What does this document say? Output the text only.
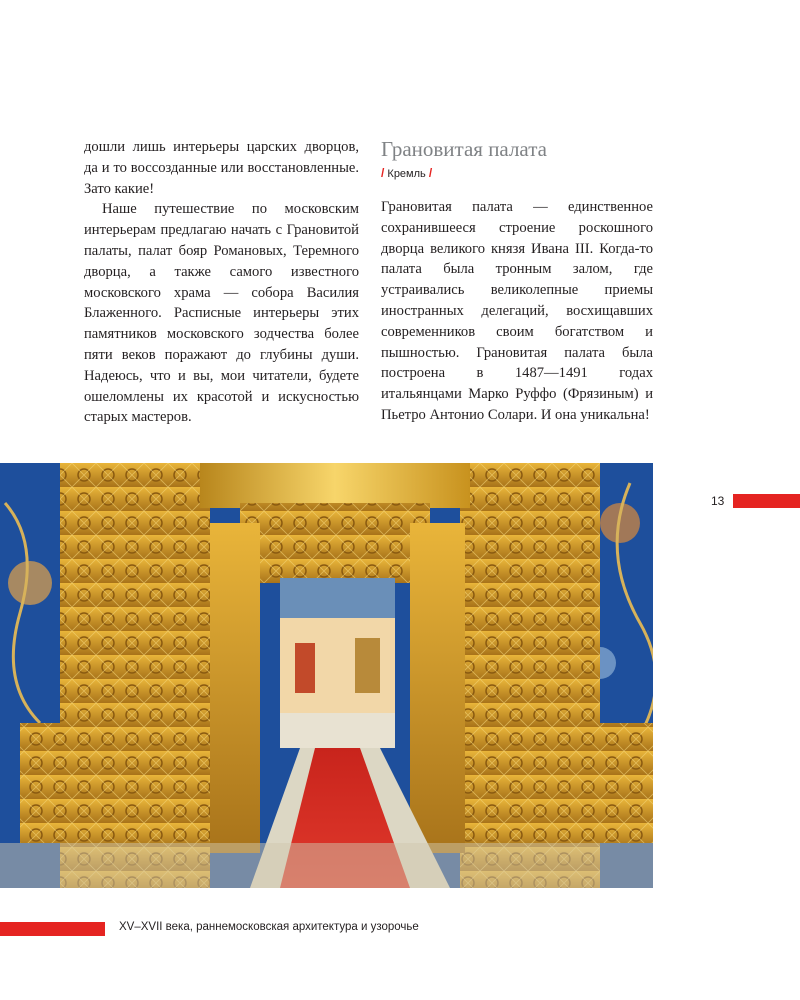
дошли лишь интерьеры царских дворцов, да и то воссозданные или восстановленные. Зато какие!

Наше путешествие по московским интерьерам предлагаю начать с Грановитой палаты, палат бояр Романовых, Теремного дворца, а также самого известного московского храма — собора Василия Блаженного. Расписные интерьеры этих памятников московского зодчества более пяти веков поражают до глубины души. Надеюсь, что и вы, мои читатели, будете ошеломлены их красотой и искусностью старых мастеров.

Грановитая палата
/ Кремль /

Грановитая палата — единственное сохранившееся строение роскошного дворца великого князя Ивана III. Когда-то палата была тронным залом, где устраивались великолепные приемы иностранных делегаций, восхищавших современников своим богатством и пышностью. Грановитая палата была построена в 1487—1491 годах итальянцами Марко Руффо (Фрязиным) и Пьетро Антонио Солари. И она уникальна!

13
XV–XVII века, раннемосковская архитектура и узорочье
